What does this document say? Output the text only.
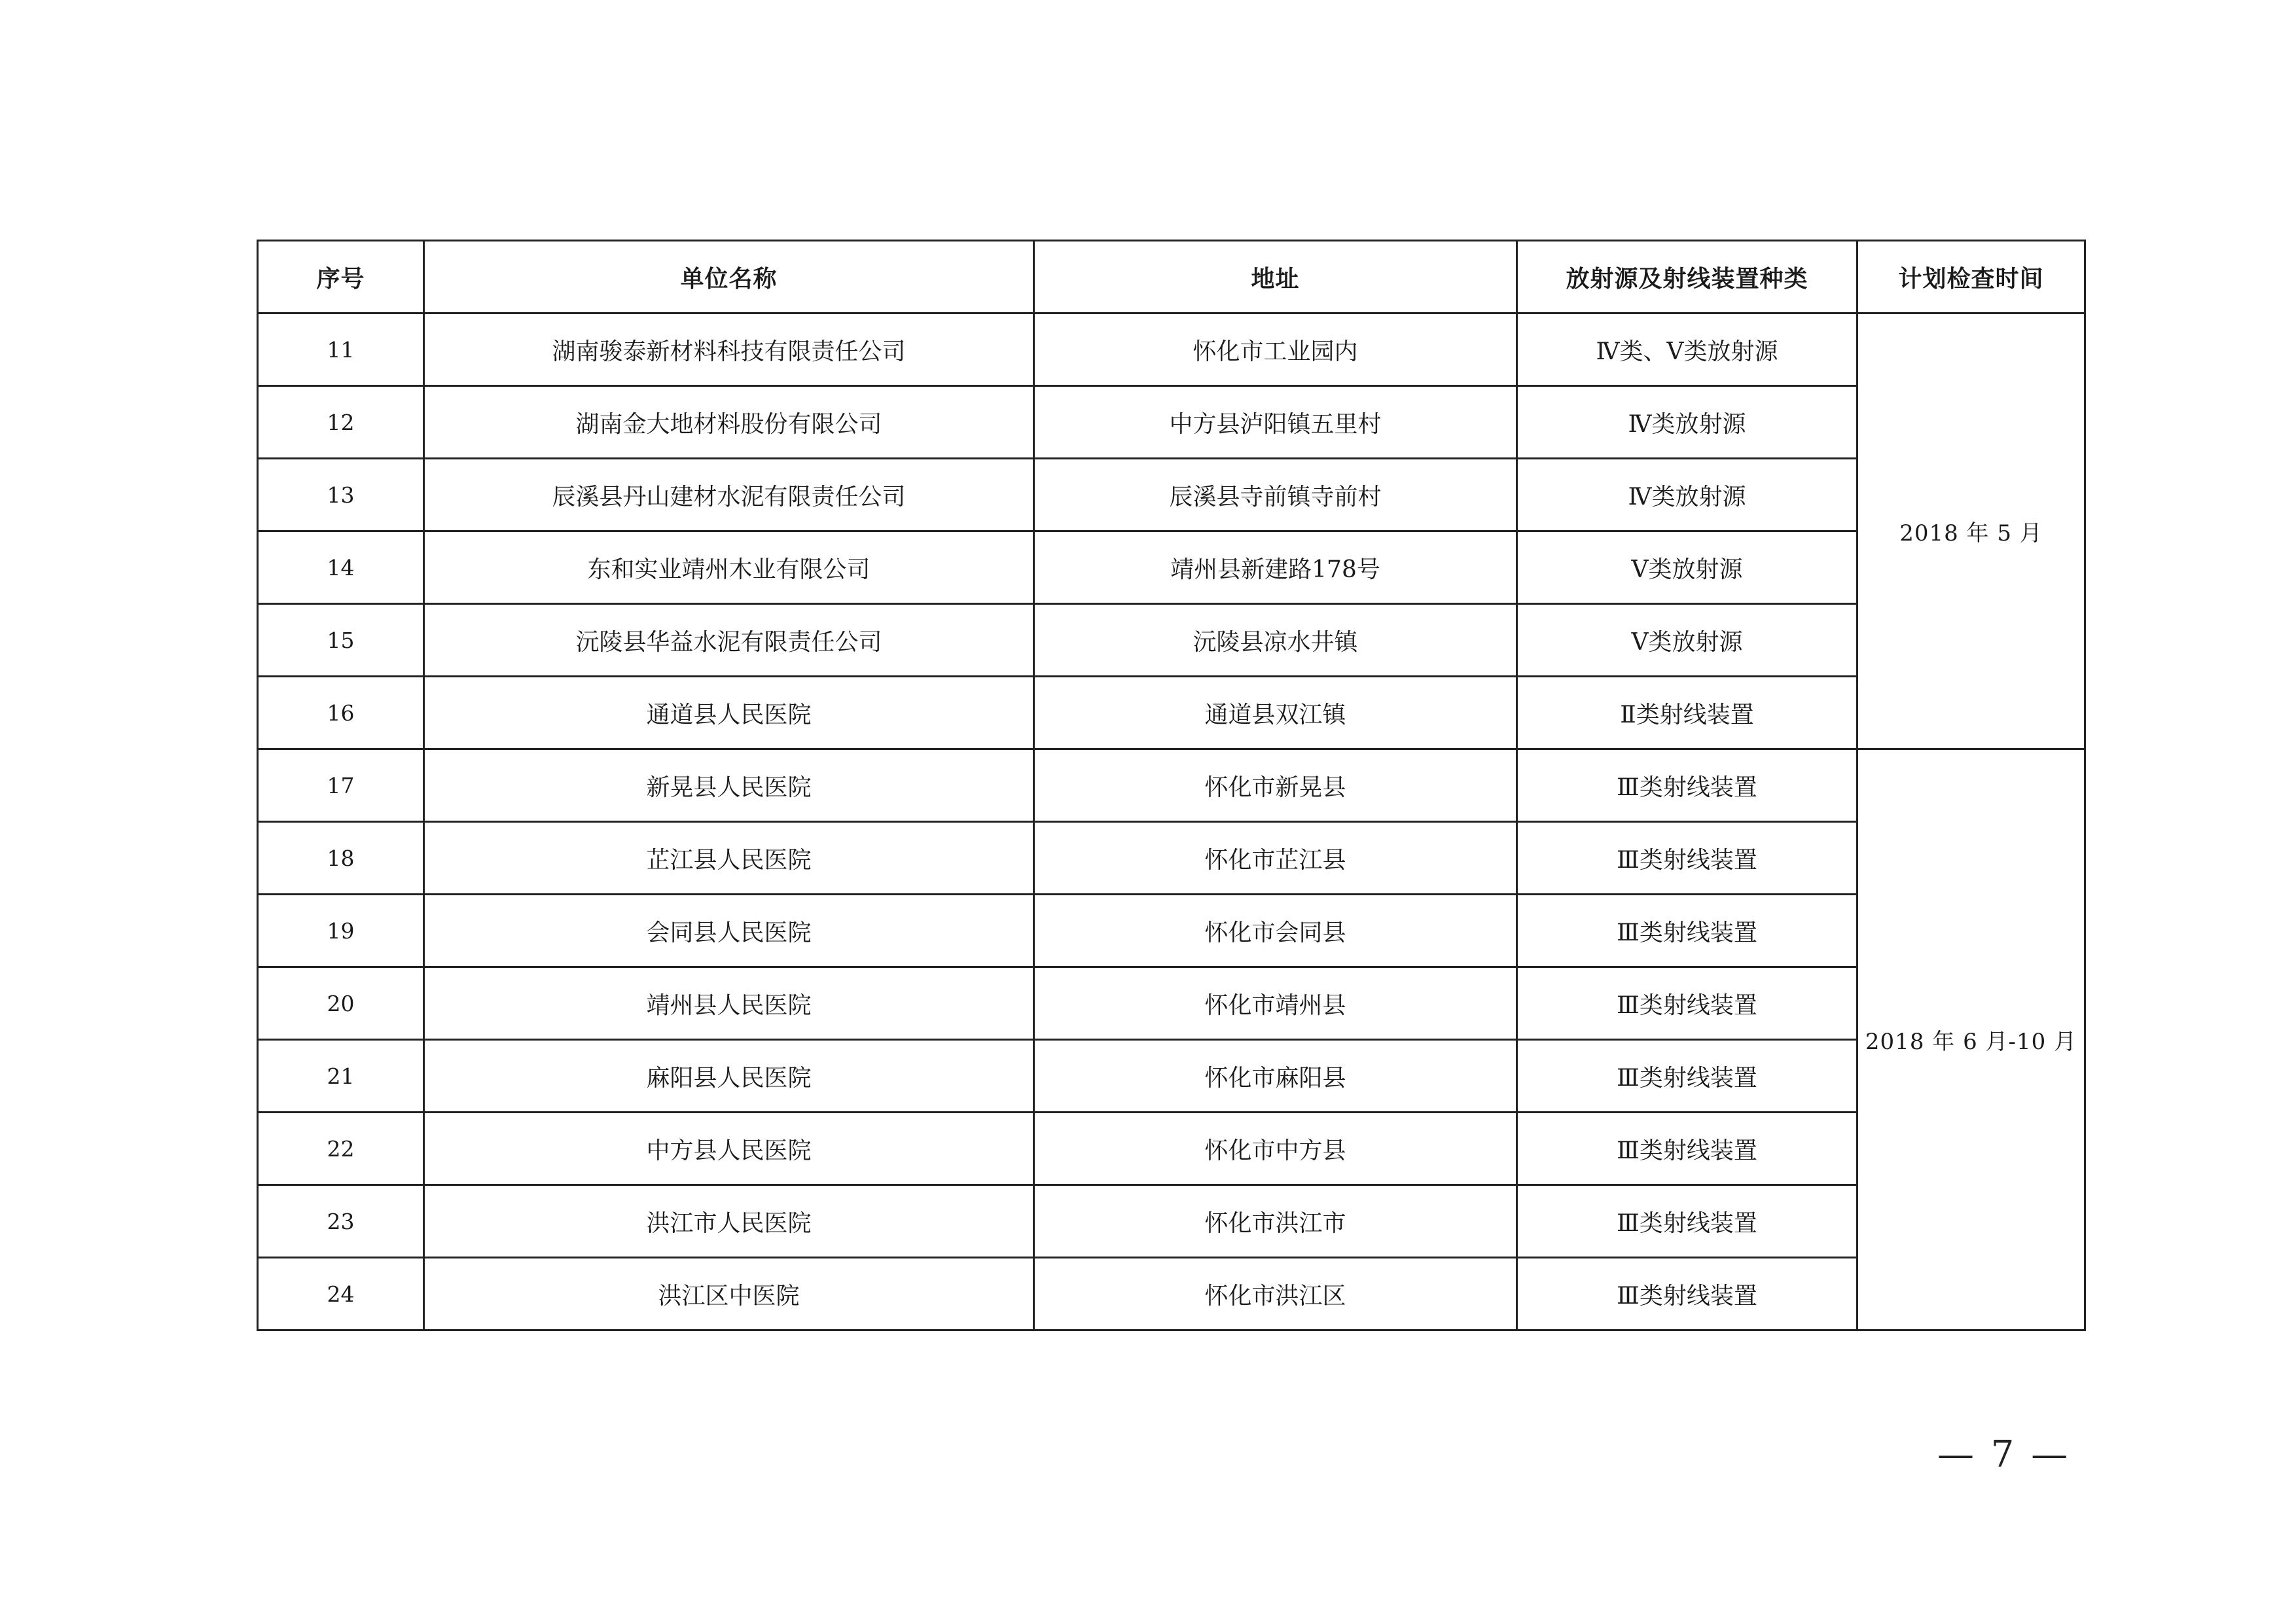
序号	单位名称	地址	放射源及射线装置种类	计划检查时间
11	湖南骏泰新材料科技有限责任公司	怀化市工业园内	Ⅳ类、Ⅴ类放射源	2018 年 5 月
12	湖南金大地材料股份有限公司	中方县泸阳镇五里村	Ⅳ类放射源	
13	辰溪县丹山建材水泥有限责任公司	辰溪县寺前镇寺前村	Ⅳ类放射源	
14	东和实业靖州木业有限公司	靖州县新建路178号	Ⅴ类放射源	
15	沅陵县华益水泥有限责任公司	沅陵县凉水井镇	Ⅴ类放射源	
16	通道县人民医院	通道县双江镇	Ⅱ类射线装置	
17	新晃县人民医院	怀化市新晃县	Ⅲ类射线装置	2018 年 6 月-10 月
18	芷江县人民医院	怀化市芷江县	Ⅲ类射线装置	
19	会同县人民医院	怀化市会同县	Ⅲ类射线装置	
20	靖州县人民医院	怀化市靖州县	Ⅲ类射线装置	
21	麻阳县人民医院	怀化市麻阳县	Ⅲ类射线装置	
22	中方县人民医院	怀化市中方县	Ⅲ类射线装置	
23	洪江市人民医院	怀化市洪江市	Ⅲ类射线装置	
24	洪江区中医院	怀化市洪江区	Ⅲ类射线装置	
— 7 —
